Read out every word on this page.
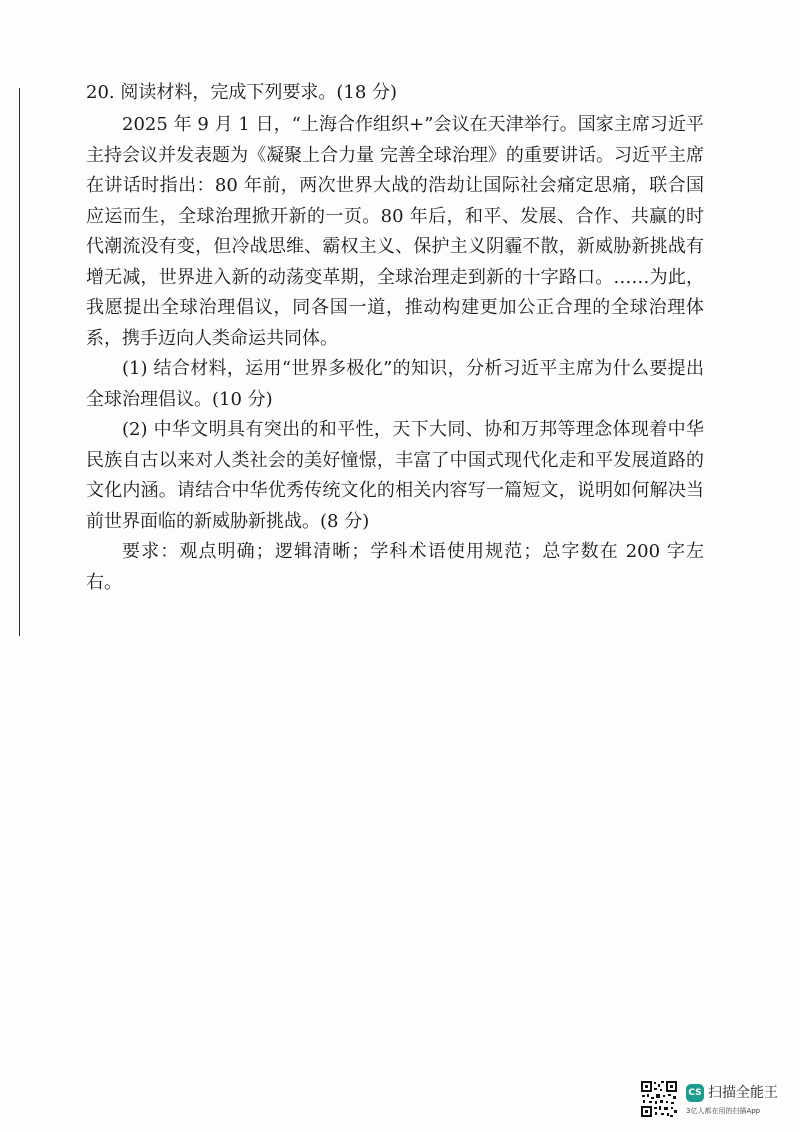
20. 阅读材料，完成下列要求。(18 分)

2025 年 9 月 1 日，“上海合作组织+”会议在天津举行。国家主席习近平主持会议并发表题为《凝聚上合力量 完善全球治理》的重要讲话。习近平主席在讲话时指出：80 年前，两次世界大战的浩劫让国际社会痛定思痛，联合国应运而生，全球治理掀开新的一页。80 年后，和平、发展、合作、共赢的时代潮流没有变，但冷战思维、霸权主义、保护主义阴霾不散，新威胁新挑战有增无减，世界进入新的动荡变革期，全球治理走到新的十字路口。……为此，我愿提出全球治理倡议，同各国一道，推动构建更加公正合理的全球治理体系，携手迈向人类命运共同体。

(1) 结合材料，运用“世界多极化”的知识，分析习近平主席为什么要提出全球治理倡议。(10 分)

(2) 中华文明具有突出的和平性，天下大同、协和万邦等理念体现着中华民族自古以来对人类社会的美好憧憬，丰富了中国式现代化走和平发展道路的文化内涵。请结合中华优秀传统文化的相关内容写一篇短文，说明如何解决当前世界面临的新威胁新挑战。(8 分)

要求：观点明确；逻辑清晰；学科术语使用规范；总字数在 200 字左右。

CS 扫描全能王
3亿人都在用的扫描App
